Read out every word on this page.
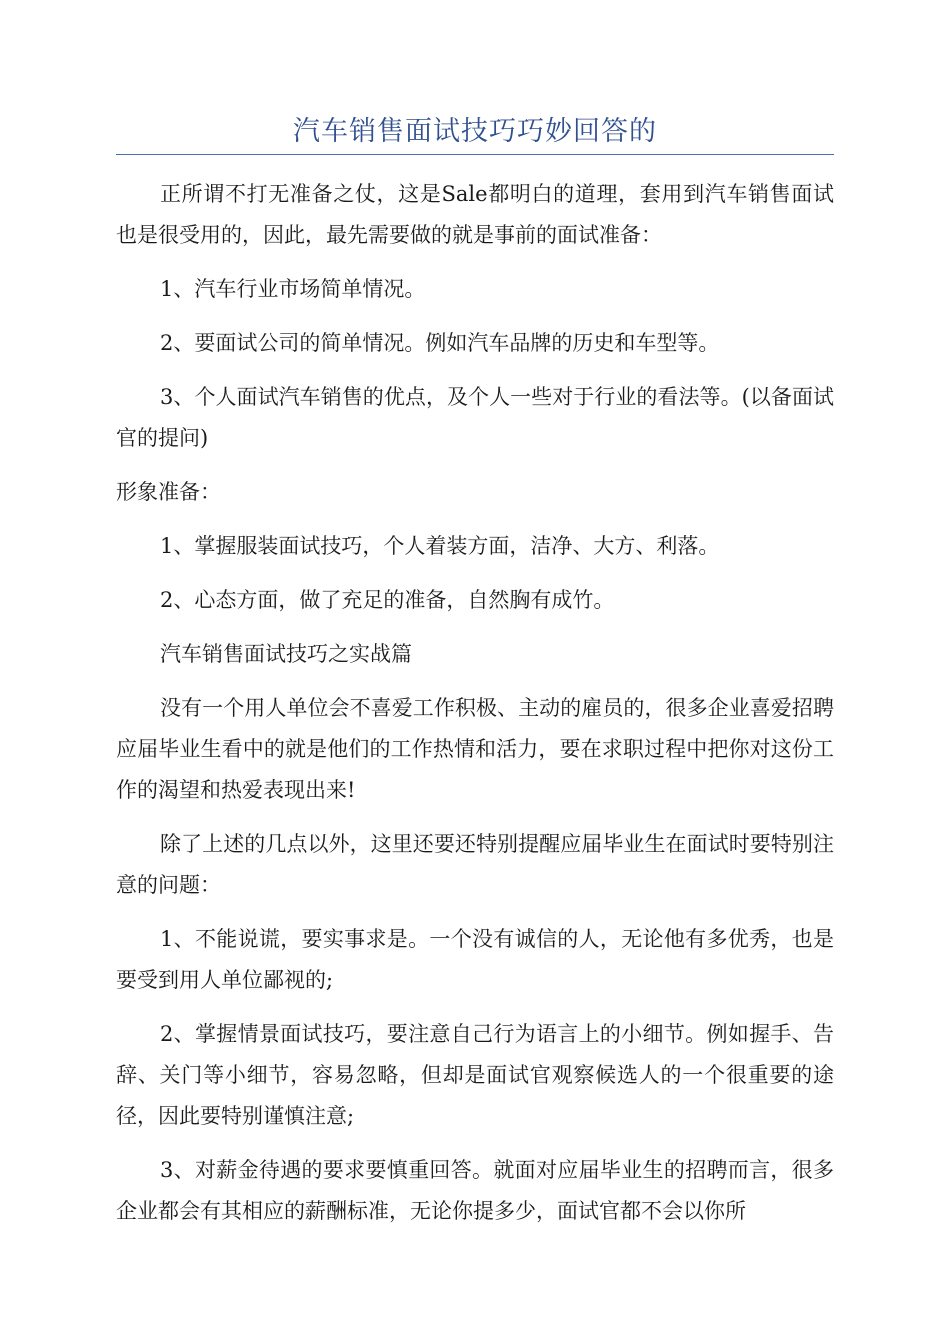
汽车销售面试技巧巧妙回答的

正所谓不打无准备之仗，这是Sale都明白的道理，套用到汽车销售面试也是很受用的，因此，最先需要做的就是事前的面试准备：

1、汽车行业市场简单情况。

2、要面试公司的简单情况。例如汽车品牌的历史和车型等。

3、个人面试汽车销售的优点，及个人一些对于行业的看法等。(以备面试官的提问)

形象准备：

1、掌握服装面试技巧，个人着装方面，洁净、大方、利落。

2、心态方面，做了充足的准备，自然胸有成竹。

汽车销售面试技巧之实战篇

没有一个用人单位会不喜爱工作积极、主动的雇员的，很多企业喜爱招聘应届毕业生看中的就是他们的工作热情和活力，要在求职过程中把你对这份工作的渴望和热爱表现出来!

除了上述的几点以外，这里还要还特别提醒应届毕业生在面试时要特别注意的问题：

1、不能说谎，要实事求是。一个没有诚信的人，无论他有多优秀，也是要受到用人单位鄙视的;

2、掌握情景面试技巧，要注意自己行为语言上的小细节。例如握手、告辞、关门等小细节，容易忽略，但却是面试官观察候选人的一个很重要的途径，因此要特别谨慎注意;

3、对薪金待遇的要求要慎重回答。就面对应届毕业生的招聘而言，很多企业都会有其相应的薪酬标准，无论你提多少，面试官都不会以你所
